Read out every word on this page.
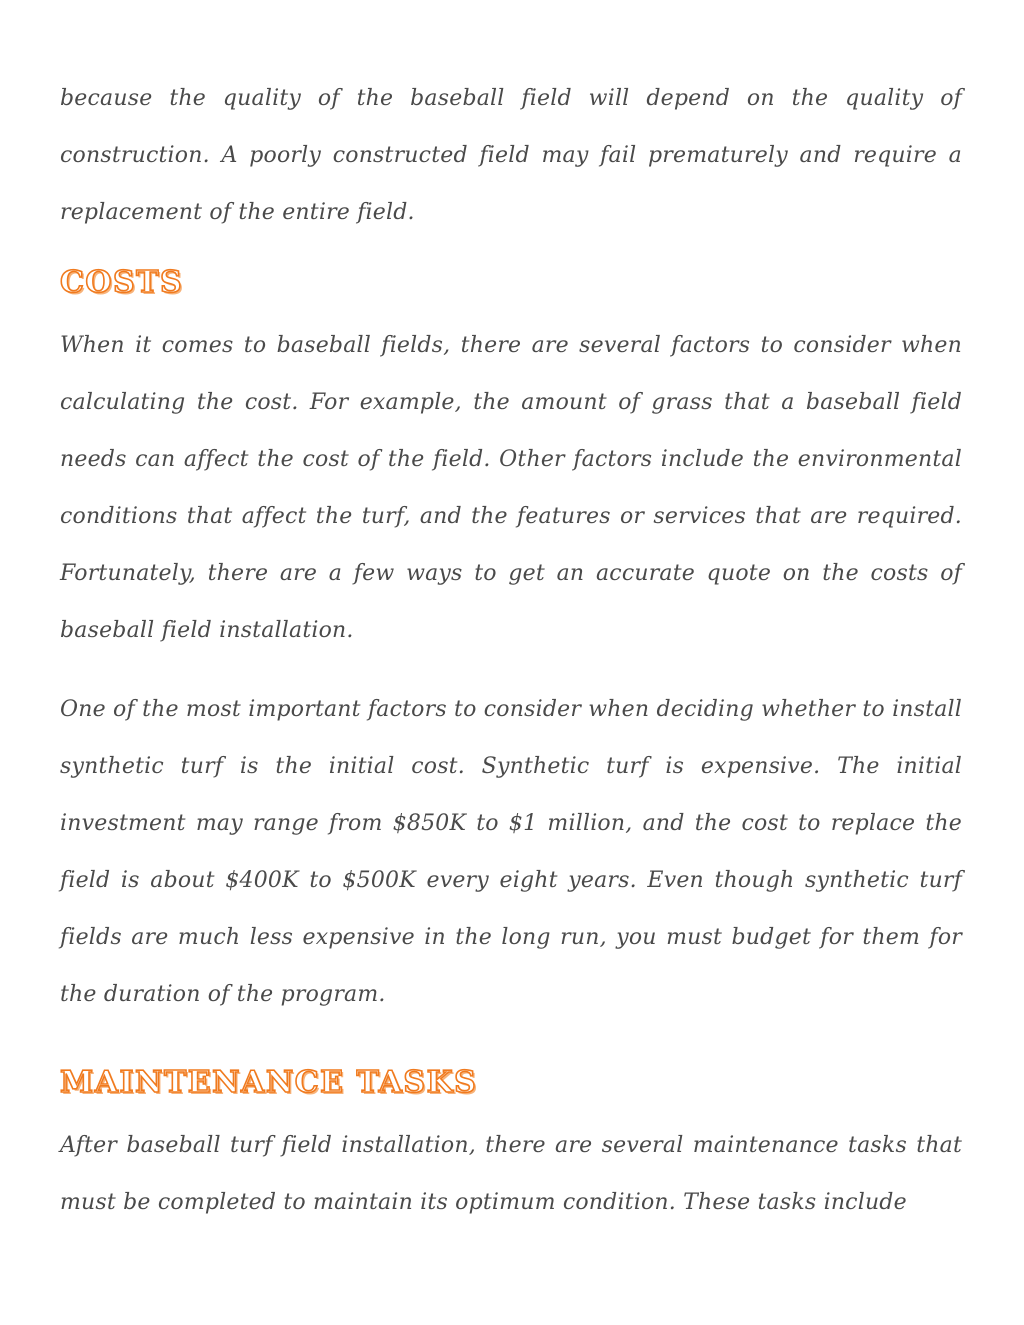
because the quality of the baseball field will depend on the quality of construction. A poorly constructed field may fail prematurely and require a replacement of the entire field.

COSTS

When it comes to baseball fields, there are several factors to consider when calculating the cost. For example, the amount of grass that a baseball field needs can affect the cost of the field. Other factors include the environmental conditions that affect the turf, and the features or services that are required. Fortunately, there are a few ways to get an accurate quote on the costs of baseball field installation.

One of the most important factors to consider when deciding whether to install synthetic turf is the initial cost. Synthetic turf is expensive. The initial investment may range from $850K to $1 million, and the cost to replace the field is about $400K to $500K every eight years. Even though synthetic turf fields are much less expensive in the long run, you must budget for them for the duration of the program.

MAINTENANCE TASKS

After baseball turf field installation, there are several maintenance tasks that must be completed to maintain its optimum condition. These tasks include
